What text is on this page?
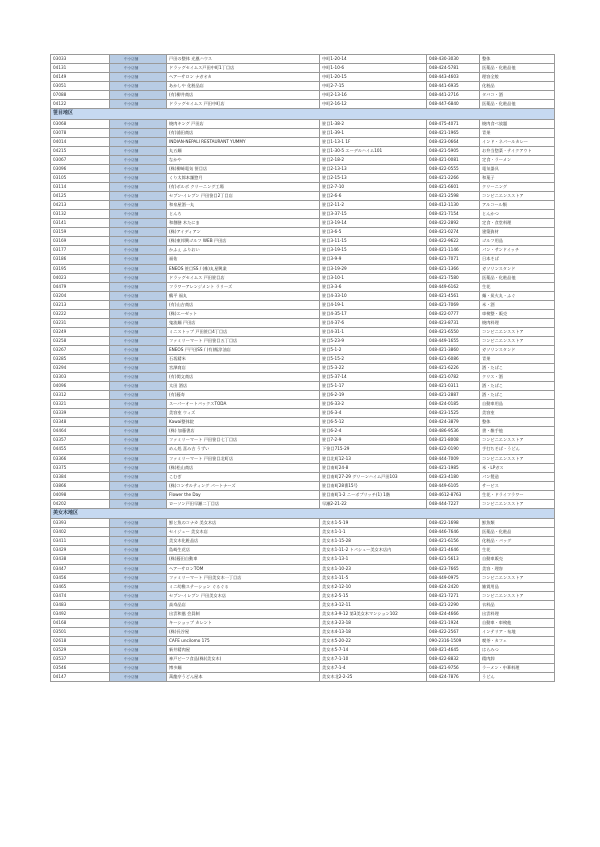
03033	中小店舗	戸田の整体 光風ハウス	中町1-20-14	048-430-3030	整体
04131	中小店舗	ドラッグセイムス戸田中町1丁目店	中町1-10-6	048-424-5781	医薬品・化粧品他
04149	中小店舗	ヘアーサロン ナガオカ	中町1-20-15	048-443-4603	理容全般
03051	中小店舗	あかしや 化粧品店	中町2-7-15	048-441-6935	化粧品
07088	中小店舗	(有)柳井商店	中町2-13-16	048-441-2716	タバコ・酒
04122	中小店舗	ドラッグセイムス 戸田中町店	中町2-16-12	048-447-6840	医薬品・化粧品他
笹目地区					
03068	中小店舗	焼肉キング 戸田店	笹目1-38-2	048-475-4071	焼肉食べ放題
03078	中小店舗	(有)浦田商店	笹目1-39-1	048-421-1965	青果
04014	中小店舗	INDIAN-NEPALI RESTAURANT YUMMY	笹目1-13-1 1F	048-423-0664	インド・ネパールカレー
04215	中小店舗	丸五麺	笹目1-30-5 エーデルハイム101	048-421-5905	お弁当惣菜・テイクアウト
03067	中小店舗	なかや	笹目2-18-2	048-421-0081	定食・ラーメン
03096	中小店舗	(株)柳﨑電気 笹目店	笹目2-13-13	048-422-0555	電気器具
03105	中小店舗	くり太郎本舗惣月	笹目2-15-13	048-421-2266	和菓子
03114	中小店舗	(有)ボルボ クリーニング工場	笹目2-7-10	048-421-6601	クリーニング
04125	中小店舗	セブン-イレブン 戸田笹目2丁目店	笹目2-6-6	048-421-2598	コンビニエンスストア
04213	中小店舗	和泉屋酒一丸	笹目2-11-2	048-412-1130	アルコール類
03132	中小店舗	とんろ	笹目3-37-15	048-421-7154	とんかつ
03141	中小店舗	和創膳 木たにま	笹目3-19-14	048-422-2892	定食・食堂料理
03159	中小店舗	(株)アイディアン	笹目3-6-5	048-421-0274	建築資材
03169	中小店舗	(株)東邦興ゴルフ WEB 戸田店	笹目3-11-15	048-422-9622	ゴルフ用品
03177	中小店舗	かふぇ ふりおい	笹目3-19-15	048-421-1146	パン・サンドイッチ
03186	中小店舗	福佑	笹目3-9-9	048-421-7071	日本そば
03195	中小店舗	ENEOS 笹目SS / (株)丸星興業	笹目3-19-29	048-421-1366	ガソリンスタンド
04023	中小店舗	ドラッグセイムス 戸田笹目店	笹目3-10-1	048-421-7580	医薬品・化粧品他
04479	中小店舗	フラワーアレンジメント ラリーズ	笹目3-3-6	048-449-6162	生花
03204	中小店舗	鶴平 福丸	笹目4-33-10	048-421-4561	麺・炭火丸・ふぐ
03213	中小店舗	(有)山吉商店	笹目4-19-1	048-421-7069	米・酒
03222	中小店舗	(株)エーゼット	笹目4-35-17	048-422-0777	車検整・販売
03231	中小店舗	鬼流麺 戸田店	笹目4-37-6	048-423-8731	焼肉料理
03249	中小店舗	ミニストップ 戸田笹目4丁目店	笹目4-31-1	048-421-6550	コンビニエンスストア
03258	中小店舗	ファミリーマート 戸田笹目五丁目店	笹目5-23-9	048-449-1655	コンビニエンスストア
03267	中小店舗	ENEOS 戸戸田SS / (有)飯淳油店	笹目5-1-2	048-421-3860	ガソリンスタンド
03285	中小店舗	石坂精米	笹目5-15-2	048-421-6086	青果
03294	中小店舗	宮澤商店	笹目5-3-22	048-421-6226	酒・たばこ
03303	中小店舗	(有)関文商店	笹目5-37-14	048-421-0782	クリス・酒
04096	中小店舗	太田 酒店	笹目5-1-17	048-421-0311	酒・たばこ
03312	中小店舗	(有)藤寿	笹目6-2-19	048-421-2887	酒・たばこ
03321	中小店舗	スーパーオートバックスTODA	笹目6-33-2	048-424-0185	自動車用品
03339	中小店舗	美容室 ウィズ	笹目6-3-4	048-423-1525	美容室
03348	中小店舗	Kawai整体院	笹目6-5-12	048-424-3879	整体
04464	中小店舗	(株) 加藤書店	笹目6-2-4	048-486-9536	書・雑手他
03357	中小店舗	ファミリーマート 戸田笹目七丁目店	笹目7-2-9	048-421-8008	コンビニエンスストア
04455	中小店舗	めん処 喜み吉 うずい	下笹目715-29	048-422-0190	手打ちそば・うどん
03366	中小店舗	ファミリーマート 戸田笹目北町店	笹目北町12-13	048-444-7009	コンビニエンスストア
03375	中小店舗	(株)松山商店	笹目南町24-8	048-421-1985	米・LPガス
03384	中小店舗	こむぎ	笹目南町27-29 グリーンハイム戸田103	048-423-4180	パン製造
03866	中小店舗	(株)コンサルティング パートナーズ	笹目南町28番15号	048-449-6105	サービス
04098	中小店舗	Flower the Day	笹目南町1-2 ニーボプリッチ(1) 1階	048-4612-8763	生花・ドライフラワー
04202	中小店舗	ローソン戸田早瀬二丁目店	早瀬2-21-22	048-444-7227	コンビニエンスストア
美女木地区					
03393	中小店舗	鮮と魚のコナカ 美女木店	美女木1-5-19	048-422-1698	鮮魚類
03402	中小店舗	セイジュー 美女木店	美女木1-1-1	048-446-7646	医薬品・化粧品
03411	中小店舗	美女木化粧品店	美女木1-15-28	048-421-6156	化粧品・バッグ
03429	中小店舗	島崎生花店	美女木1-11-2 トパシュー美女木店内	048-421-4646	生花
03438	中小店舗	(株)藤田自動車	美女木1-13-1	048-421-5613	自動車販売
03447	中小店舗	ヘアーサロンTOM	美女木1-10-23	048-423-7665	美容・理容
03456	中小店舗	ファミリーマート 戸田美女木一丁目店	美女木1-11-5	048-449-0975	コンビニエンスストア
03465	中小店舗	ミニ幼稚ステーション ぐるぐる	美女木2-12-10	048-424-2420	雑貨用品
03474	中小店舗	セブン-イレブン 戸田美女木店	美女木2-5-15	048-421-7271	コンビニエンスストア
03483	中小店舗	高寿品店	美女木3-12-11	048-421-2290	衣料品
03492	中小店舗	出雲和風 会員制	美女木3-9-12 第3美女木マンション102	048-424-4666	出雲料理
04168	中小店舗	キーショップ カレント	美女木3-23-18	048-421-1924	自動車・車検他
03501	中小店舗	(株)長谷屋	美女木4-13-18	048-422-2567	インテリア・布地
02618	中小店舗	CAFE uncilomo 175	美女木5-20-22	090-2316-1509	喫茶・カフェ
03529	中小店舗	新井精肉屋	美女木5-7-14	048-421-4645	はらみつ
03537	中小店舗	神戸ビーフ食品(株)(美女木)	美女木7-1-10	048-422-8832	精肉卸
03546	中小店舗	博多麺	美女木7-1-4	048-421-9756	ラーメン・中華料理
04147	中小店舗	萬龍亭うどん屋本	美女木北2-2-25	048-424-7876	うどん
